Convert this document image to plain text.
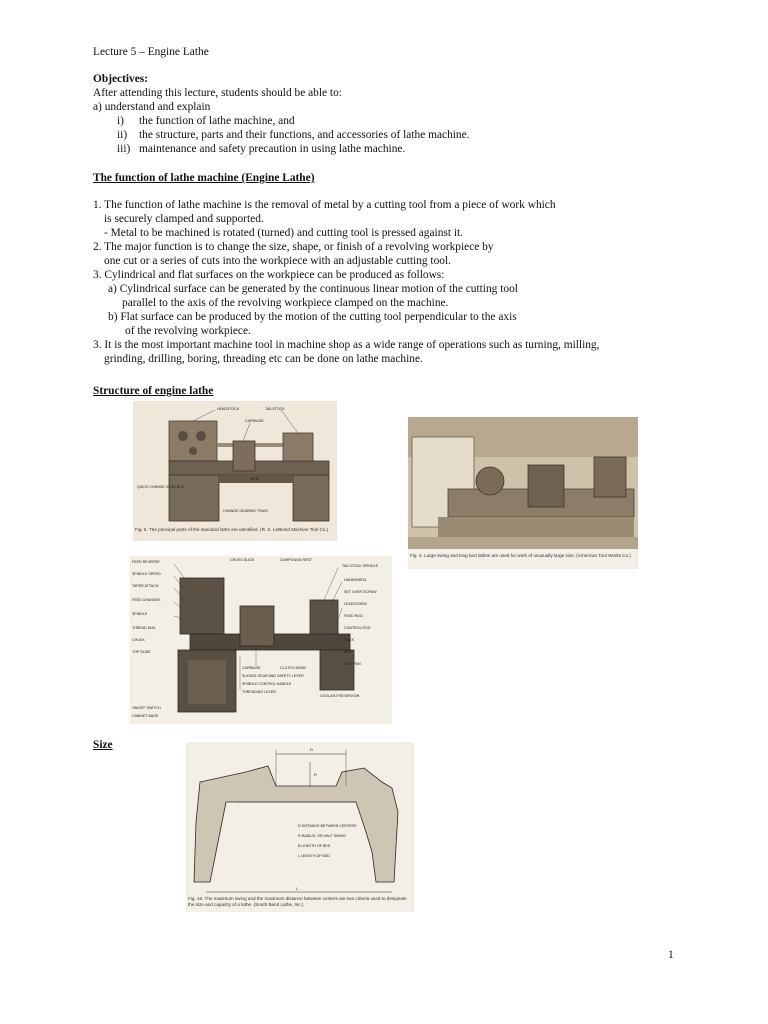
Lecture 5 – Engine Lathe
Objectives:
After attending this lecture, students should be able to:
a) understand and explain
i) the function of lathe machine, and
ii) the structure, parts and their functions, and accessories of lathe machine.
iii) maintenance and safety precaution in using lathe machine.
The function of lathe machine (Engine Lathe)
1. The function of lathe machine is the removal of metal by a cutting tool from a piece of work which
is securely clamped and supported.
- Metal to be machined is rotated (turned) and cutting tool is pressed against it.
2. The major function is to change the size, shape, or finish of a revolving workpiece by
one cut or a series of cuts into the workpiece with an adjustable cutting tool.
3. Cylindrical and flat surfaces on the workpiece can be produced as follows:
a) Cylindrical surface can be generated by the continuous linear motion of the cutting tool
parallel to the axis of the revolving workpiece clamped on the machine.
b) Flat surface can be produced by the motion of the cutting tool perpendicular to the axis
of the revolving workpiece.
3. It is the most important machine tool in machine shop as a wide range of operations such as turning, milling,
grinding, drilling, boring, threading etc can be done on lathe machine.
Structure of engine lathe
HEADSTOCK	TAILSTOCK
CARRIAGE
BED
QUICK CHANGE GEAR BOX
CHANGE GEARING TRAIN
Fig. 5. The principal parts of the standard lathe are identified. (R. K. LeBlond Machine Tool Co.)
Fig. 4. Large swing and long bed lathes are used for work of unusually large size. (American Tool Works Co.)
FEED REVERSE
SPINDLE SPEED
TAPER ATTACH.
FEED CHANGES
SPINDLE
THREAD DIAL
CHUCK
CROSS SLIDE	COMPOUND REST
TOP SLIDE
TAILSTOCK SPINDLE
HANDWHEEL
SET OVER SCREW
LEADSCREW
FEED ROD
CONTROL ROD
RACK
BED
CHIP PAN
CARRIAGE	CLUTCH KNOB
COOLANT RESERVOIR
SLIDING GEAR AND SAFETY LEVER
SPINDLE CONTROL HANDLE
THREADING LEVER
ON/OFF SWITCH
CABINET BASE
Size	D
R
L
D DISTANCE BETWEEN CENTERS
R RADIUS, OR HALF SWING
B LENGTH OF BED
L LENGTH OF BED
Fig. 16. The maximum swing and the maximum distance between centers are two criteria used to designate the size and capacity of a lathe. (South Bend Lathe, Inc.)
1
